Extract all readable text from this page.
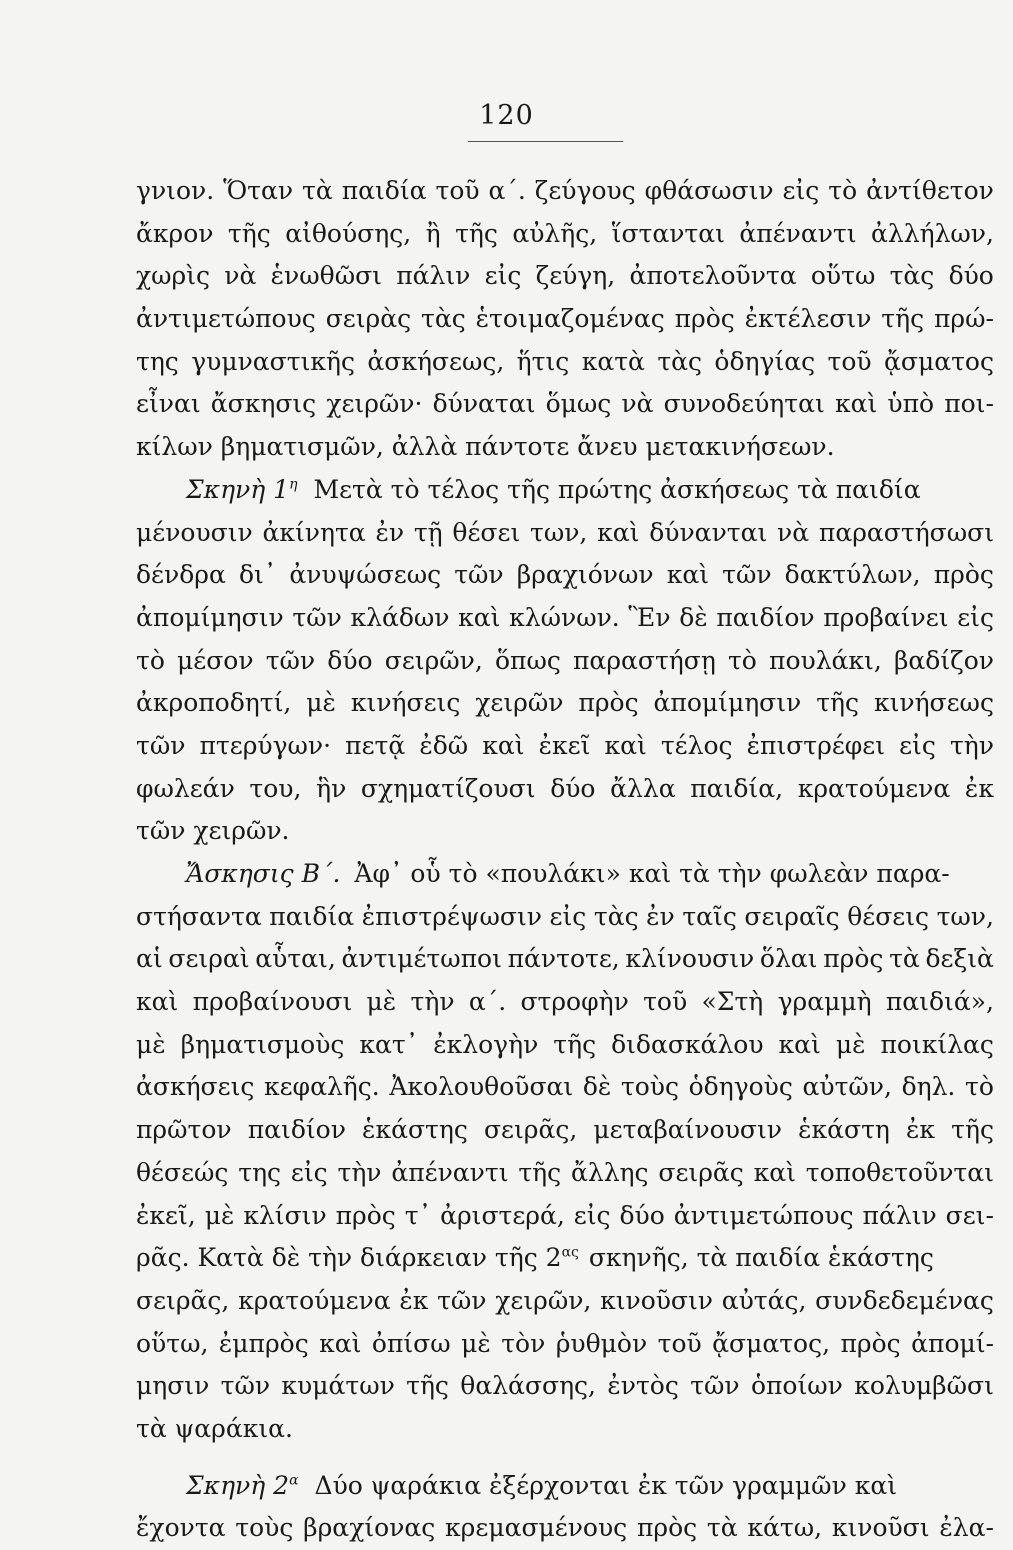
120
γνιον. Ὅταν τὰ παιδία τοῦ α΄. ζεύγους φθάσωσιν εἰς τὸ ἀντίθετον
ἄκρον τῆς αἰθούσης, ἢ τῆς αὐλῆς, ἵστανται ἀπέναντι ἀλλήλων,
χωρὶς νὰ ἑνωθῶσι πάλιν εἰς ζεύγη, ἀποτελοῦντα οὕτω τὰς δύο
ἀντιμετώπους σειρὰς τὰς ἑτοιμαζομένας πρὸς ἐκτέλεσιν τῆς πρώ-
της γυμναστικῆς ἀσκήσεως, ἥτις κατὰ τὰς ὁδηγίας τοῦ ᾄσματος
εἶναι ἄσκησις χειρῶν· δύναται ὅμως νὰ συνοδεύηται καὶ ὑπὸ ποι-
κίλων βηματισμῶν, ἀλλὰ πάντοτε ἄνευ μετακινήσεων.
Σκηνὴ $1^\eta$ Μετὰ τὸ τέλος τῆς πρώτης ἀσκήσεως τὰ παιδία
μένουσιν ἀκίνητα ἐν τῇ θέσει των, καὶ δύνανται νὰ παραστήσωσι
δένδρα δι᾽ ἀνυψώσεως τῶν βραχιόνων καὶ τῶν δακτύλων, πρὸς
ἀπομίμησιν τῶν κλάδων καὶ κλώνων. Ἓν δὲ παιδίον προβαίνει εἰς
τὸ μέσον τῶν δύο σειρῶν, ὅπως παραστήσῃ τὸ πουλάκι, βαδίζον
ἀκροποδητί, μὲ κινήσεις χειρῶν πρὸς ἀπομίμησιν τῆς κινήσεως
τῶν πτερύγων· πετᾷ ἐδῶ καὶ ἐκεῖ καὶ τέλος ἐπιστρέφει εἰς τὴν
φωλεάν του, ἣν σχηματίζουσι δύο ἄλλα παιδία, κρατούμενα ἐκ
τῶν χειρῶν.
Ἄσκησις Β΄. Ἀφ᾽ οὗ τὸ «πουλάκι» καὶ τὰ τὴν φωλεὰν παρα-
στήσαντα παιδία ἐπιστρέψωσιν εἰς τὰς ἐν ταῖς σειραῖς θέσεις των,
αἱ σειραὶ αὗται, ἀντιμέτωποι πάντοτε, κλίνουσιν ὅλαι πρὸς τὰ δεξιὰ
καὶ προβαίνουσι μὲ τὴν α΄. στροφὴν τοῦ «Στὴ γραμμὴ παιδιά»,
μὲ βηματισμοὺς κατ᾽ ἐκλογὴν τῆς διδασκάλου καὶ μὲ ποικίλας
ἀσκήσεις κεφαλῆς. Ἀκολουθοῦσαι δὲ τοὺς ὁδηγοὺς αὐτῶν, δηλ. τὸ
πρῶτον παιδίον ἑκάστης σειρᾶς, μεταβαίνουσιν ἑκάστη ἐκ τῆς
θέσεώς της εἰς τὴν ἀπέναντι τῆς ἄλλης σειρᾶς καὶ τοποθετοῦνται
ἐκεῖ, μὲ κλίσιν πρὸς τ᾽ ἀριστερά, εἰς δύο ἀντιμετώπους πάλιν σει-
ρᾶς. Κατὰ δὲ τὴν διάρκειαν τῆς $2^{\alpha\varsigma}$ σκηνῆς, τὰ παιδία ἑκάστης
σειρᾶς, κρατούμενα ἐκ τῶν χειρῶν, κινοῦσιν αὐτάς, συνδεδεμένας
οὕτω, ἐμπρὸς καὶ ὀπίσω μὲ τὸν ῥυθμὸν τοῦ ᾄσματος, πρὸς ἀπομί-
μησιν τῶν κυμάτων τῆς θαλάσσης, ἐντὸς τῶν ὁποίων κολυμβῶσι
τὰ ψαράκια.
Σκηνὴ $2^\alpha$ Δύο ψαράκια ἐξέρχονται ἐκ τῶν γραμμῶν καὶ
ἔχοντα τοὺς βραχίονας κρεμασμένους πρὸς τὰ κάτω, κινοῦσι ἐλα-
